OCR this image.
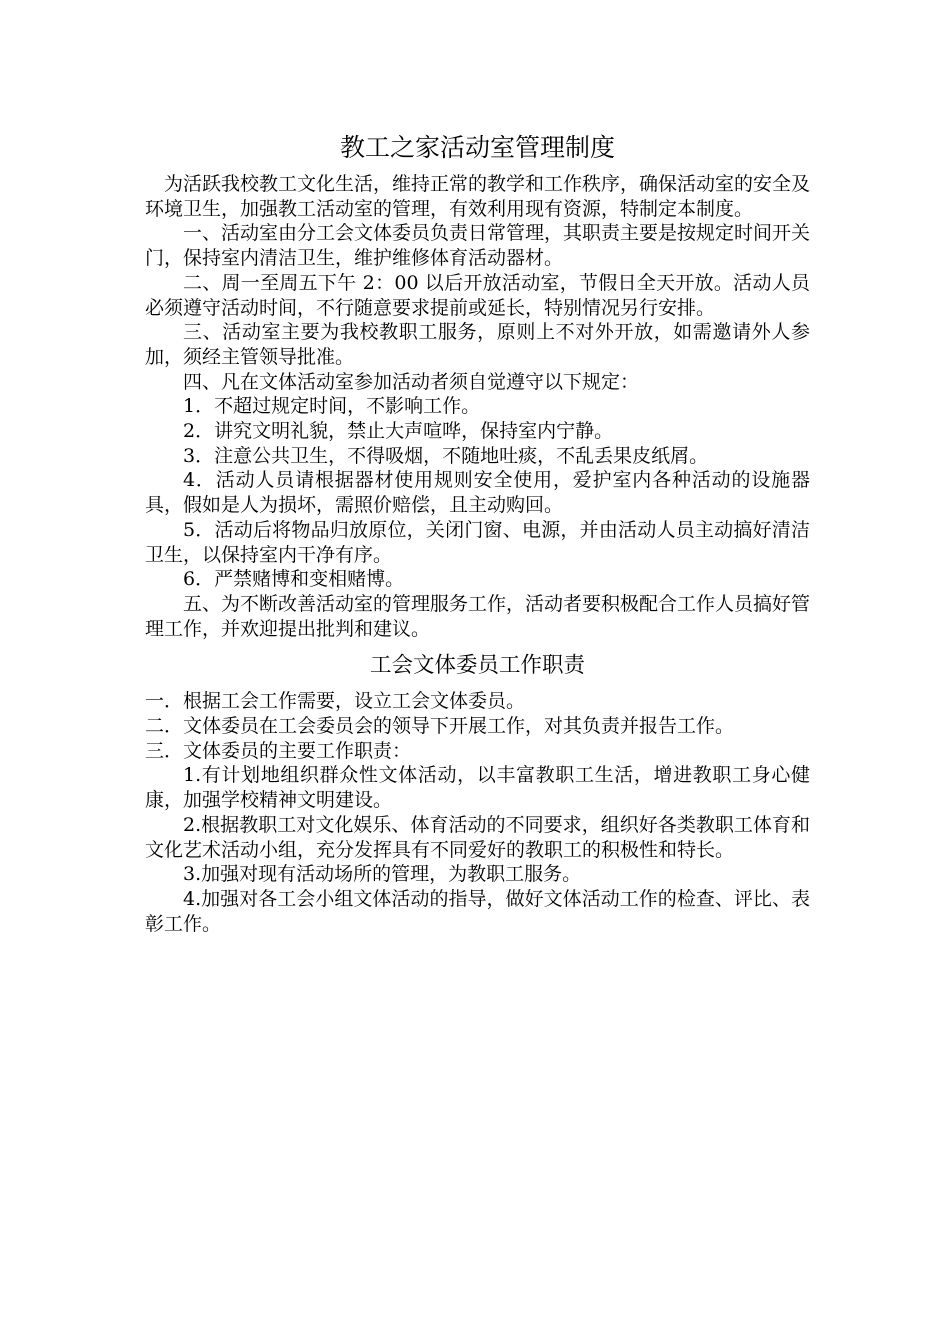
教工之家活动室管理制度

为活跃我校教工文化生活，维持正常的教学和工作秩序，确保活动室的安全及环境卫生，加强教工活动室的管理，有效利用现有资源，特制定本制度。

一、活动室由分工会文体委员负责日常管理，其职责主要是按规定时间开关门，保持室内清洁卫生，维护维修体育活动器材。

二、周一至周五下午 2：00 以后开放活动室，节假日全天开放。活动人员必须遵守活动时间，不行随意要求提前或延长，特别情况另行安排。

三、活动室主要为我校教职工服务，原则上不对外开放，如需邀请外人参加，须经主管领导批准。

四、凡在文体活动室参加活动者须自觉遵守以下规定：

1．不超过规定时间，不影响工作。

2．讲究文明礼貌，禁止大声喧哗，保持室内宁静。

3．注意公共卫生，不得吸烟，不随地吐痰，不乱丢果皮纸屑。

4．活动人员请根据器材使用规则安全使用，爱护室内各种活动的设施器具，假如是人为损坏，需照价赔偿，且主动购回。

5．活动后将物品归放原位，关闭门窗、电源，并由活动人员主动搞好清洁卫生，以保持室内干净有序。

6．严禁赌博和变相赌博。

五、为不断改善活动室的管理服务工作，活动者要积极配合工作人员搞好管理工作，并欢迎提出批判和建议。

工会文体委员工作职责

一．根据工会工作需要，设立工会文体委员。

二．文体委员在工会委员会的领导下开展工作，对其负责并报告工作。

三．文体委员的主要工作职责：

1.有计划地组织群众性文体活动，以丰富教职工生活，增进教职工身心健康，加强学校精神文明建设。

2.根据教职工对文化娱乐、体育活动的不同要求，组织好各类教职工体育和文化艺术活动小组，充分发挥具有不同爱好的教职工的积极性和特长。

3.加强对现有活动场所的管理，为教职工服务。

4.加强对各工会小组文体活动的指导，做好文体活动工作的检查、评比、表彰工作。
